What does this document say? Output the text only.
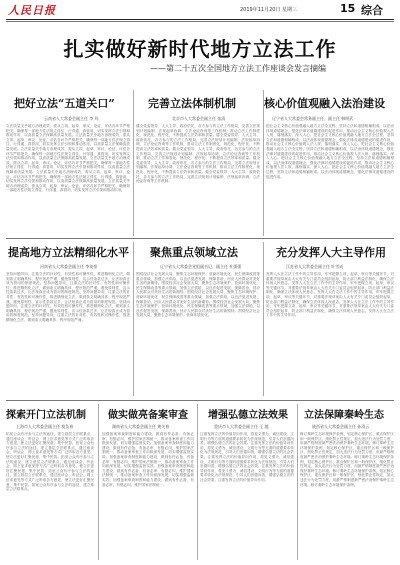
人民日报	2019年11月20日 星期三	15 综合
扎实做好新时代地方立法工作
——第二十五次全国地方立法工作座谈会发言摘编
把好立法“五道关口”
云南省人大常委会副主任 李 玛
立法质量关乎地方治理成效，需从立项、起草、审议、论证、评估各环节严格把关，确保每一部地方性法规立得住、行得通、真管用，切实发挥立法引领和推动作用，以高质量立法保障高质量发展。立法质量关乎地方治理成效，需从立项、起草、审议、论证、评估各环节严格把关，确保每一部地方性法规立得住、行得通、真管用，切实发挥立法引领和推动作用，以高质量立法保障高质量发展。立法质量关乎地方治理成效，需从立项、起草、审议、论证、评估各环节严格把关，确保每一部地方性法规立得住、行得通、真管用，切实发挥立法引领和推动作用，以高质量立法保障高质量发展。立法质量关乎地方治理成效，需从立项、起草、审议、论证、评估各环节严格把关，确保每一部地方性法规立得住、行得通、真管用，切实发挥立法引领和推动作用，以高质量立法保障高质量发展。立法质量关乎地方治理成效，需从立项、起草、审议、论证、评估各环节严格把关，确保每一部地方性法规立得住、行得通、真管用，切实发挥立法引领和推动作用，以高质量立法保障高质量发展。立法质量关乎地方治理成效，需从立项、起草、审议、论证、评估各环节严格把关，确保每一部地方性法规立得住、行得通、真管用，切实发挥立法引领和推动作用。
完善立法体制机制
北京市人大常委会副主任 张清
健全党委领导、人大主导、政府依托、各方参与的立法工作格局，完善立法规划计划编制、法规起草协调、立法论证咨询等工作机制，推动立法工作制度化、规范化、程序化，不断提高立法效率和质量。健全党委领导、人大主导、政府依托、各方参与的立法工作格局，完善立法规划计划编制、法规起草协调、立法论证咨询等工作机制，推动立法工作制度化、规范化、程序化，不断提高立法效率和质量。健全党委领导、人大主导、政府依托、各方参与的立法工作格局，完善立法规划计划编制、法规起草协调、立法论证咨询等工作机制，推动立法工作制度化、规范化、程序化，不断提高立法效率和质量。健全党委领导、人大主导、政府依托、各方参与的立法工作格局，完善立法规划计划编制、法规起草协调、立法论证咨询等工作机制，推动立法工作制度化、规范化、程序化，不断提高立法效率和质量。健全党委领导、人大主导、政府依托、各方参与的立法工作格局，完善立法规划计划编制、法规起草协调、立法论证咨询等工作机制。
核心价值观融入法治建设
辽宁省人大常委会常务副主任、副主任 韩明武
把社会主义核心价值观融入地方立法全过程，坚持立法和道德相辅相成，以法治体现道德理念，强化法律对道德建设的促进作用，推动社会主义核心价值观入法入规、落细落实、深入人心。把社会主义核心价值观融入地方立法全过程，坚持立法和道德相辅相成，以法治体现道德理念，强化法律对道德建设的促进作用，推动社会主义核心价值观入法入规、落细落实、深入人心。把社会主义核心价值观融入地方立法全过程，坚持立法和道德相辅相成，以法治体现道德理念，强化法律对道德建设的促进作用，推动社会主义核心价值观入法入规、落细落实、深入人心。把社会主义核心价值观融入地方立法全过程，坚持立法和道德相辅相成，以法治体现道德理念，强化法律对道德建设的促进作用，推动社会主义核心价值观入法入规、落细落实、深入人心。把社会主义核心价值观融入地方立法全过程，坚持立法和道德相辅相成，以法治体现道德理念，强化法律对道德建设的促进作用。
提高地方立法精细化水平
河南省人大常委会副主任 李英豪
坚持问题导向，注重立法的针对性、有效性和可操作性，推进精细化立法，做到条文明确具体、程序规范严谨，避免原则性、宣示性条款过多，让法规真正成为管用的制度规范。坚持问题导向，注重立法的针对性、有效性和可操作性，推进精细化立法，做到条文明确具体、程序规范严谨，避免原则性、宣示性条款过多，让法规真正成为管用的制度规范。坚持问题导向，注重立法的针对性、有效性和可操作性，推进精细化立法，做到条文明确具体、程序规范严谨，避免原则性、宣示性条款过多，让法规真正成为管用的制度规范。坚持问题导向，注重立法的针对性、有效性和可操作性，推进精细化立法，做到条文明确具体、程序规范严谨，避免原则性、宣示性条款过多，让法规真正成为管用的制度规范。坚持问题导向，注重立法的针对性、有效性和可操作性，推进精细化立法，做到条文明确具体、程序规范严谨。
聚焦重点领域立法
辽宁省人大常委会党组副书记、副主任 杜强强
围绕经济社会发展大局，聚焦生态环境保护、营商环境优化、民生保障改善等重点领域，加强立法供给，以良法促进发展、保障善治，回应人民群众对美好生活的新期待。围绕经济社会发展大局，聚焦生态环境保护、营商环境优化、民生保障改善等重点领域，加强立法供给，以良法促进发展、保障善治，回应人民群众对美好生活的新期待。围绕经济社会发展大局，聚焦生态环境保护、营商环境优化、民生保障改善等重点领域，加强立法供给，以良法促进发展、保障善治，回应人民群众对美好生活的新期待。围绕经济社会发展大局，聚焦生态环境保护、营商环境优化、民生保障改善等重点领域，加强立法供给，以良法促进发展、保障善治，回应人民群众对美好生活的新期待。围绕经济社会发展大局，聚焦生态环境保护、营商环境优化。
充分发挥人大主导作用
江苏省人大常委会副主任 叶雪成
发挥人大在立法工作中的主导作用，牢牢把握立项、起草、审议等关键环节，对重要法规草案由人大有关专门委员会组织起草，防止部门利益法制化，确保立法体现人民意志。发挥人大在立法工作中的主导作用，牢牢把握立项、起草、审议等关键环节，对重要法规草案由人大有关专门委员会组织起草，防止部门利益法制化，确保立法体现人民意志。发挥人大在立法工作中的主导作用，牢牢把握立项、起草、审议等关键环节，对重要法规草案由人大有关专门委员会组织起草，防止部门利益法制化，确保立法体现人民意志。发挥人大在立法工作中的主导作用，牢牢把握立项、起草、审议等关键环节，对重要法规草案由人大有关专门委员会组织起草，防止部门利益法制化，确保立法体现人民意志。发挥人大在立法工作中的主导作用。
探索开门立法机制
上海市人大常委会副主任 莫负春
拓宽公众有序参与立法的途径，建立基层立法联系点，通过座谈会、听证会、网上征求意见等方式广泛听取各方意见，使立法更好汇聚民意、集中民智。拓宽公众有序参与立法的途径，建立基层立法联系点，通过座谈会、听证会、网上征求意见等方式广泛听取各方意见，使立法更好汇聚民意、集中民智。拓宽公众有序参与立法的途径，建立基层立法联系点，通过座谈会、听证会、网上征求意见等方式广泛听取各方意见，使立法更好汇聚民意、集中民智。拓宽公众有序参与立法的途径，建立基层立法联系点，通过座谈会、听证会、网上征求意见等方式广泛听取各方意见，使立法更好汇聚民意、集中民智。拓宽公众有序参与立法的途径，建立基层立法联系点。
做实做亮备案审查
湖南省人大常委会副主任 黄关春
加强备案审查制度和能力建设，做到有件必备、有备必审、有错必纠，维护国家法制统一，推动备案审查工作向纵深发展，切实增强监督实效。加强备案审查制度和能力建设，做到有件必备、有备必审、有错必纠，维护国家法制统一，推动备案审查工作向纵深发展，切实增强监督实效。加强备案审查制度和能力建设，做到有件必备、有备必审、有错必纠，维护国家法制统一，推动备案审查工作向纵深发展，切实增强监督实效。加强备案审查制度和能力建设，做到有件必备、有备必审、有错必纠，维护国家法制统一，推动备案审查工作向纵深发展，切实增强监督实效。加强备案审查制度和能力建设，做到有件必备、有备必审、有错必纠，维护国家法制统一。
增强弘德立法效果
重庆市人大常委会副主任 王 越
注重发挥立法的价值导向作用，将见义勇为、诚信建设、文明行为等方面的道德要求转化为法规规范，引导人们崇德向善，增强弘德立法的社会效果。注重发挥立法的价值导向作用，将见义勇为、诚信建设、文明行为等方面的道德要求转化为法规规范，引导人们崇德向善，增强弘德立法的社会效果。注重发挥立法的价值导向作用，将见义勇为、诚信建设、文明行为等方面的道德要求转化为法规规范，引导人们崇德向善，增强弘德立法的社会效果。注重发挥立法的价值导向作用，将见义勇为、诚信建设、文明行为等方面的道德要求转化为法规规范，引导人们崇德向善，增强弘德立法的社会效果。注重发挥立法的价值导向作用。
立法保障秦岭生态
陕西省人大常委会副主任 孙清云
修订秦岭生态环境保护条例，划定核心保护区、重点保护区和一般保护区，细化禁止性规定，加大违法行为处罚力度，用最严格制度最严密法治保护秦岭生态环境。修订秦岭生态环境保护条例，划定核心保护区、重点保护区和一般保护区，细化禁止性规定，加大违法行为处罚力度，用最严格制度最严密法治保护秦岭生态环境。修订秦岭生态环境保护条例，划定核心保护区、重点保护区和一般保护区，细化禁止性规定，加大违法行为处罚力度，用最严格制度最严密法治保护秦岭生态环境。修订秦岭生态环境保护条例，划定核心保护区、重点保护区和一般保护区，细化禁止性规定，加大违法行为处罚力度，用最严格制度最严密法治保护秦岭生态环境。修订秦岭生态环境保护条例。
